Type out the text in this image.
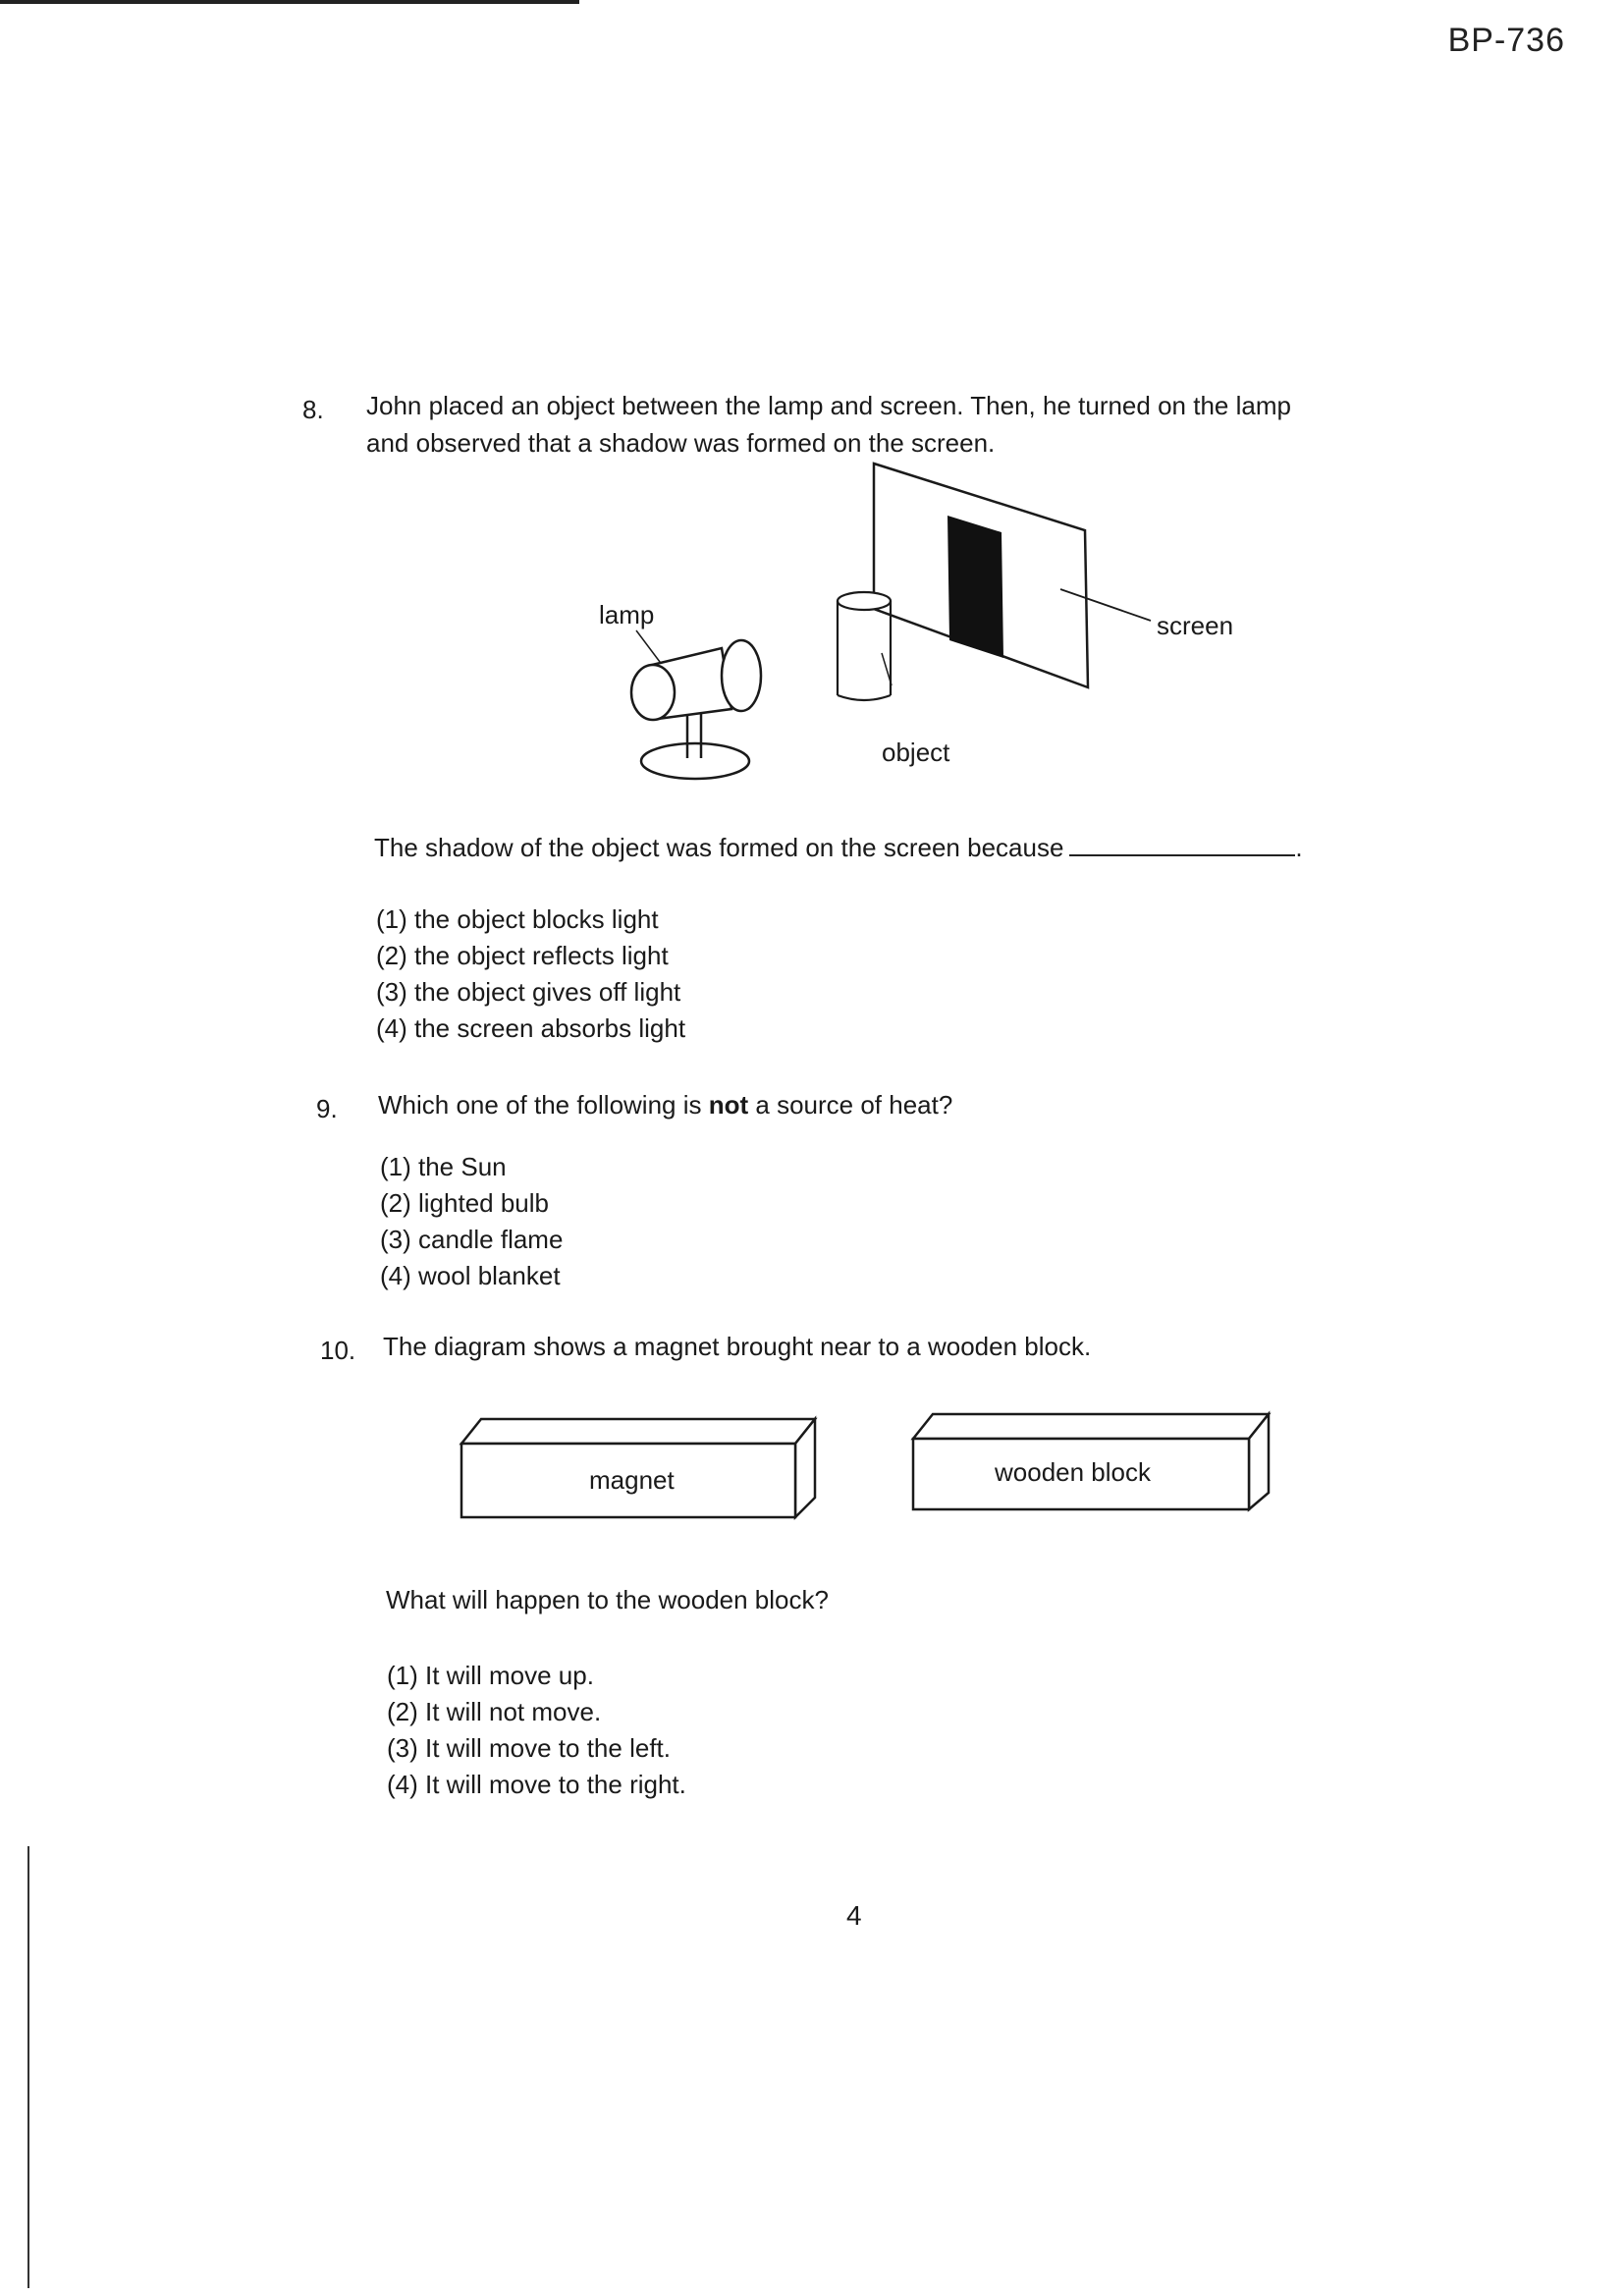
BP-736
8. John placed an object between the lamp and screen. Then, he turned on the lamp
and observed that a shadow was formed on the screen.
screen
object
lamp
The shadow of the object was formed on the screen because	.
(1) the object blocks light
(2) the object reflects light
(3) the object gives off light
(4) the screen absorbs light
9. Which one of the following is not a source of heat?
(1) the Sun
(2) lighted bulb
(3) candle flame
(4) wool blanket
10. The diagram shows a magnet brought near to a wooden block.
magnet	wooden block
What will happen to the wooden block?
(1) It will move up.
(2) It will not move.
(3) It will move to the left.
(4) It will move to the right.
4
